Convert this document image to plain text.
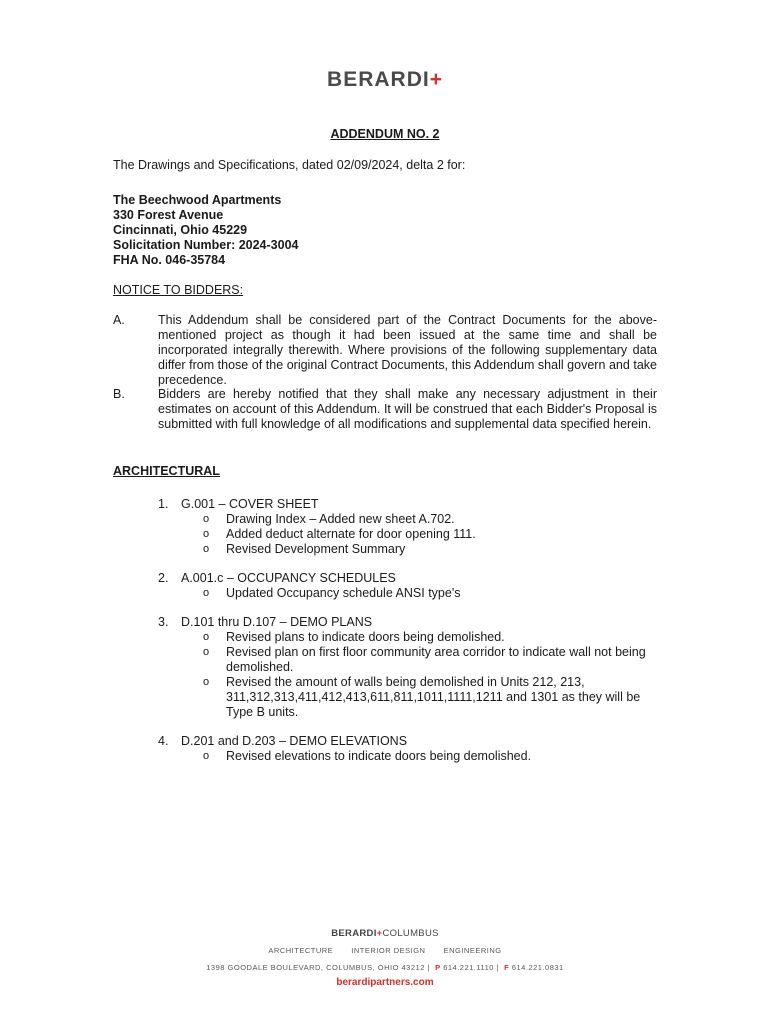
BERARDI+
ADDENDUM NO. 2
The Drawings and Specifications, dated 02/09/2024, delta 2 for:
The Beechwood Apartments
330 Forest Avenue
Cincinnati, Ohio 45229
Solicitation Number: 2024-3004
FHA No. 046-35784
NOTICE TO BIDDERS:
A.	This Addendum shall be considered part of the Contract Documents for the above-mentioned project as though it had been issued at the same time and shall be incorporated integrally therewith. Where provisions of the following supplementary data differ from those of the original Contract Documents, this Addendum shall govern and take precedence.
B.	Bidders are hereby notified that they shall make any necessary adjustment in their estimates on account of this Addendum. It will be construed that each Bidder's Proposal is submitted with full knowledge of all modifications and supplemental data specified herein.
ARCHITECTURAL
1. G.001 – COVER SHEET
o Drawing Index – Added new sheet A.702.
o Added deduct alternate for door opening 111.
o Revised Development Summary
2. A.001.c – OCCUPANCY SCHEDULES
o Updated Occupancy schedule ANSI type's
3. D.101 thru D.107 – DEMO PLANS
o Revised plans to indicate doors being demolished.
o Revised plan on first floor community area corridor to indicate wall not being demolished.
o Revised the amount of walls being demolished in Units 212, 213, 311,312,313,411,412,413,611,811,1011,1111,1211 and 1301 as they will be Type B units.
4. D.201 and D.203 – DEMO ELEVATIONS
o Revised elevations to indicate doors being demolished.
BERARDI+COLUMBUS
ARCHITECTURE INTERIOR DESIGN ENGINEERING
1398 GOODALE BOULEVARD, COLUMBUS, OHIO 43212 |  P 614.221.1110 |  F 614.221.0831
berardipartners.com
